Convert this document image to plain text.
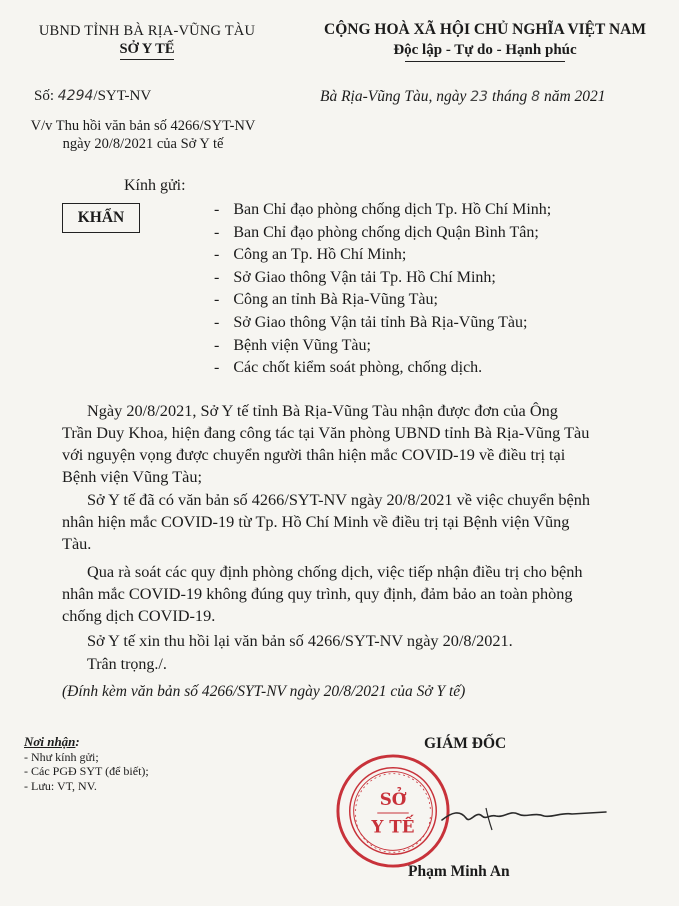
UBND TỈNH BÀ RỊA-VŨNG TÀU
SỞ Y TẾ
CỘNG HOÀ XÃ HỘI CHỦ NGHĨA VIỆT NAM
Độc lập - Tự do - Hạnh phúc
Số: 4294/SYT-NV	Bà Rịa-Vũng Tàu, ngày 23 tháng 8 năm 2021
V/v Thu hồi văn bản số 4266/SYT-NV
ngày 20/8/2021 của Sở Y tế
Kính gửi:
KHẨN
-	Ban Chỉ đạo phòng chống dịch Tp. Hồ Chí Minh;
- Ban Chỉ đạo phòng chống dịch Quận Bình Tân;
- Công an Tp. Hồ Chí Minh;
- Sở Giao thông Vận tải Tp. Hồ Chí Minh;
- Công an tỉnh Bà Rịa-Vũng Tàu;
- Sở Giao thông Vận tải tỉnh Bà Rịa-Vũng Tàu;
- Bệnh viện Vũng Tàu;
- Các chốt kiểm soát phòng, chống dịch.
Ngày 20/8/2021, Sở Y tế tỉnh Bà Rịa-Vũng Tàu nhận được đơn của Ông
Trần Duy Khoa, hiện đang công tác tại Văn phòng UBND tỉnh Bà Rịa-Vũng Tàu
với nguyện vọng được chuyển người thân hiện mắc COVID-19 về điều trị tại
Bệnh viện Vũng Tàu;
Sở Y tế đã có văn bản số 4266/SYT-NV ngày 20/8/2021 về việc chuyển bệnh
nhân hiện mắc COVID-19 từ Tp. Hồ Chí Minh về điều trị tại Bệnh viện Vũng
Tàu.
Qua rà soát các quy định phòng chống dịch, việc tiếp nhận điều trị cho bệnh
nhân mắc COVID-19 không đúng quy trình, quy định, đảm bảo an toàn phòng
chống dịch COVID-19.
Sở Y tế xin thu hồi lại văn bản số 4266/SYT-NV ngày 20/8/2021.
Trân trọng./.
(Đính kèm văn bản số 4266/SYT-NV ngày 20/8/2021 của Sở Y tế)
Nơi nhận:
- Như kính gửi;
- Các PGĐ SYT (để biết);
- Lưu: VT, NV.
GIÁM ĐỐC
SỞ
Y TẾ
Phạm Minh An
